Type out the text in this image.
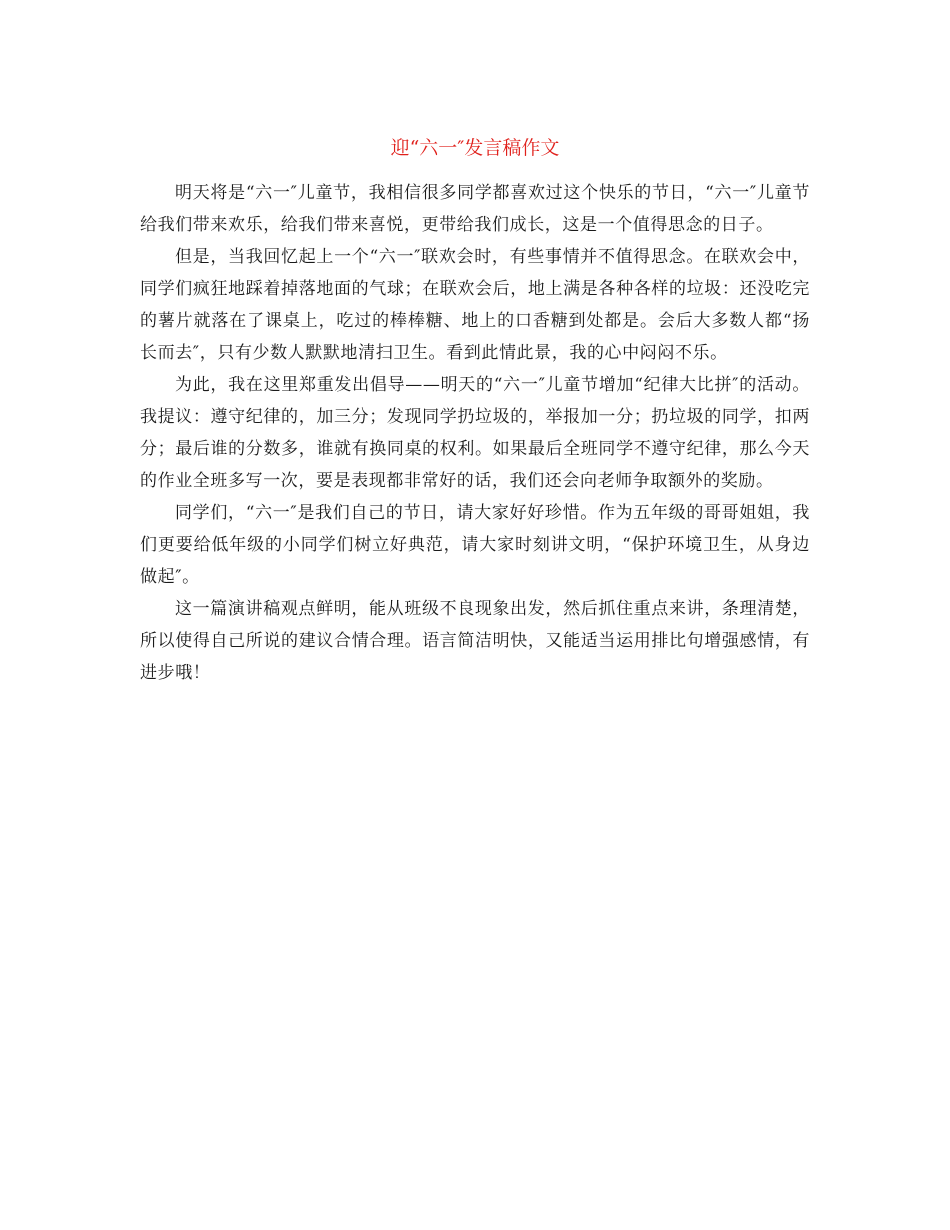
迎“六一″发言稿作文

明天将是“六一″儿童节，我相信很多同学都喜欢过这个快乐的节日，“六一″儿童节给我们带来欢乐，给我们带来喜悦，更带给我们成长，这是一个值得思念的日子。

但是，当我回忆起上一个“六一″联欢会时，有些事情并不值得思念。在联欢会中，同学们疯狂地踩着掉落地面的气球；在联欢会后，地上满是各种各样的垃圾：还没吃完的薯片就落在了课桌上，吃过的棒棒糖、地上的口香糖到处都是。会后大多数人都“扬长而去″，只有少数人默默地清扫卫生。看到此情此景，我的心中闷闷不乐。

为此，我在这里郑重发出倡导——明天的“六一″儿童节增加“纪律大比拼″的活动。我提议：遵守纪律的，加三分；发现同学扔垃圾的，举报加一分；扔垃圾的同学，扣两分；最后谁的分数多，谁就有换同桌的权利。如果最后全班同学不遵守纪律，那么今天的作业全班多写一次，要是表现都非常好的话，我们还会向老师争取额外的奖励。

同学们，“六一″是我们自己的节日，请大家好好珍惜。作为五年级的哥哥姐姐，我们更要给低年级的小同学们树立好典范，请大家时刻讲文明，“保护环境卫生，从身边做起″。

这一篇演讲稿观点鲜明，能从班级不良现象出发，然后抓住重点来讲，条理清楚，所以使得自己所说的建议合情合理。语言简洁明快，又能适当运用排比句增强感情，有进步哦！
